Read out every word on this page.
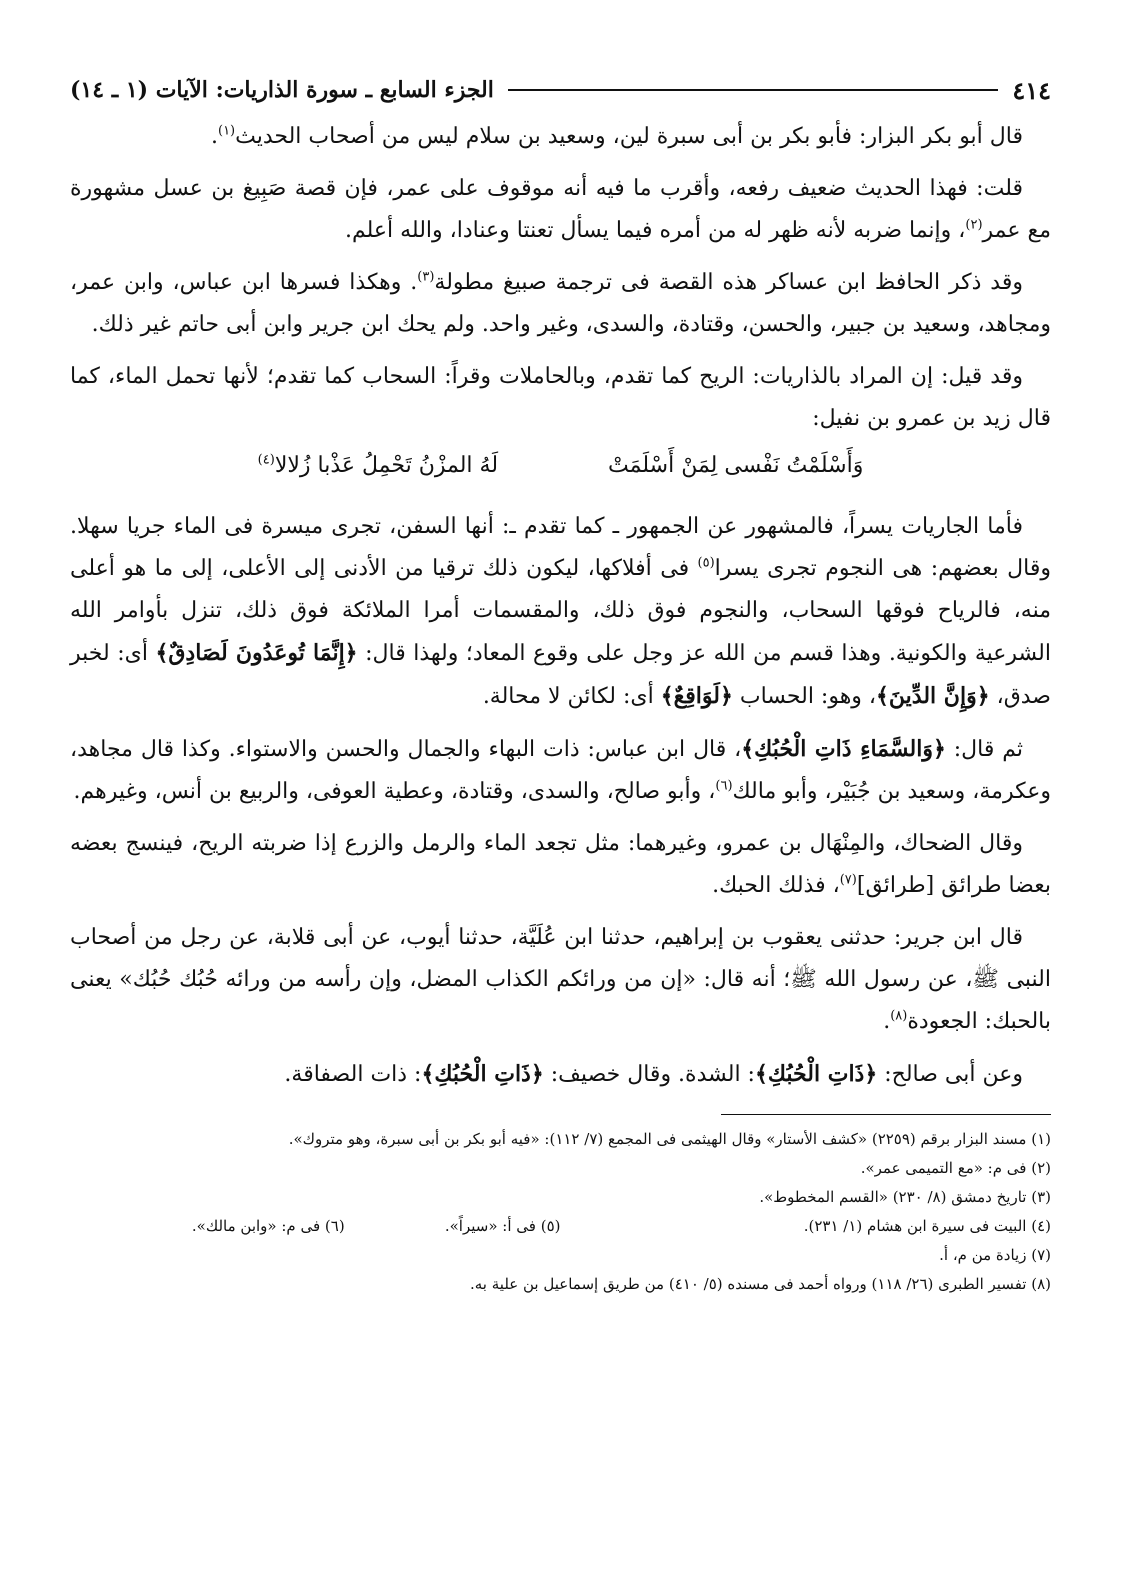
٤١٤
الجزء السابع ـ سورة الذاريات: الآيات (١ ـ ١٤)

قال أبو بكر البزار: فأبو بكر بن أبى سبرة لين، وسعيد بن سلام ليس من أصحاب الحديث$^{(١)}$.

قلت: فهذا الحديث ضعيف رفعه، وأقرب ما فيه أنه موقوف على عمر، فإن قصة صَبِيغ بن عسل مشهورة مع عمر$^{(٢)}$، وإنما ضربه لأنه ظهر له من أمره فيما يسأل تعنتا وعنادا، والله أعلم.

وقد ذكر الحافظ ابن عساكر هذه القصة فى ترجمة صبيغ مطولة$^{(٣)}$. وهكذا فسرها ابن عباس، وابن عمر، ومجاهد، وسعيد بن جبير، والحسن، وقتادة، والسدى، وغير واحد. ولم يحك ابن جرير وابن أبى حاتم غير ذلك.

وقد قيل: إن المراد بالذاريات: الريح كما تقدم، وبالحاملات وقراً: السحاب كما تقدم؛ لأنها تحمل الماء، كما قال زيد بن عمرو بن نفيل:

وَأَسْلَمْتُ نَفْسى لِمَنْ أَسْلَمَتْ
لَهُ المزْنُ تَحْمِلُ عَذْبا زُلالا$^{(٤)}$

فأما الجاريات يسراً، فالمشهور عن الجمهور ـ كما تقدم ـ: أنها السفن، تجرى ميسرة فى الماء جريا سهلا. وقال بعضهم: هى النجوم تجرى يسرا$^{(٥)}$ فى أفلاكها، ليكون ذلك ترقيا من الأدنى إلى الأعلى، إلى ما هو أعلى منه، فالرياح فوقها السحاب، والنجوم فوق ذلك، والمقسمات أمرا الملائكة فوق ذلك، تنزل بأوامر الله الشرعية والكونية. وهذا قسم من الله عز وجل على وقوع المعاد؛ ولهذا قال: ﴿إِنَّمَا تُوعَدُونَ لَصَادِقٌ﴾ أى: لخبر صدق، ﴿وَإِنَّ الدِّينَ﴾، وهو: الحساب ﴿لَوَاقِعٌ﴾ أى: لكائن لا محالة.

ثم قال: ﴿وَالسَّمَاءِ ذَاتِ الْحُبُكِ﴾، قال ابن عباس: ذات البهاء والجمال والحسن والاستواء. وكذا قال مجاهد، وعكرمة، وسعيد بن جُبَيْر، وأبو مالك$^{(٦)}$، وأبو صالح، والسدى، وقتادة، وعطية العوفى، والربيع بن أنس، وغيرهم.

وقال الضحاك، والمِنْهَال بن عمرو، وغيرهما: مثل تجعد الماء والرمل والزرع إذا ضربته الريح، فينسج بعضه بعضا طرائق [طرائق]$^{(٧)}$، فذلك الحبك.

قال ابن جرير: حدثنى يعقوب بن إبراهيم، حدثنا ابن عُلَيَّة، حدثنا أيوب، عن أبى قلابة، عن رجل من أصحاب النبى ﷺ، عن رسول الله ﷺ؛ أنه قال: «إن من ورائكم الكذاب المضل، وإن رأسه من ورائه حُبُك حُبُك» يعنى بالحبك: الجعودة$^{(٨)}$.

وعن أبى صالح: ﴿ذَاتِ الْحُبُكِ﴾: الشدة. وقال خصيف: ﴿ذَاتِ الْحُبُكِ﴾: ذات الصفاقة.

(١) مسند البزار برقم (٢٢٥٩) «كشف الأستار» وقال الهيثمى فى المجمع (٧/ ١١٢): «فيه أبو بكر بن أبى سبرة، وهو متروك».
(٢) فى م: «مع التميمى عمر».
(٣) تاريخ دمشق (٨/ ٢٣٠) «القسم المخطوط».
(٤) البيت فى سيرة ابن هشام (١/ ٢٣١).
(٥) فى أ: «سيراً».
(٦) فى م: «وابن مالك».
(٧) زيادة من م، أ.
(٨) تفسير الطبرى (٢٦/ ١١٨) ورواه أحمد فى مسنده (٥/ ٤١٠) من طريق إسماعيل بن علية به.
